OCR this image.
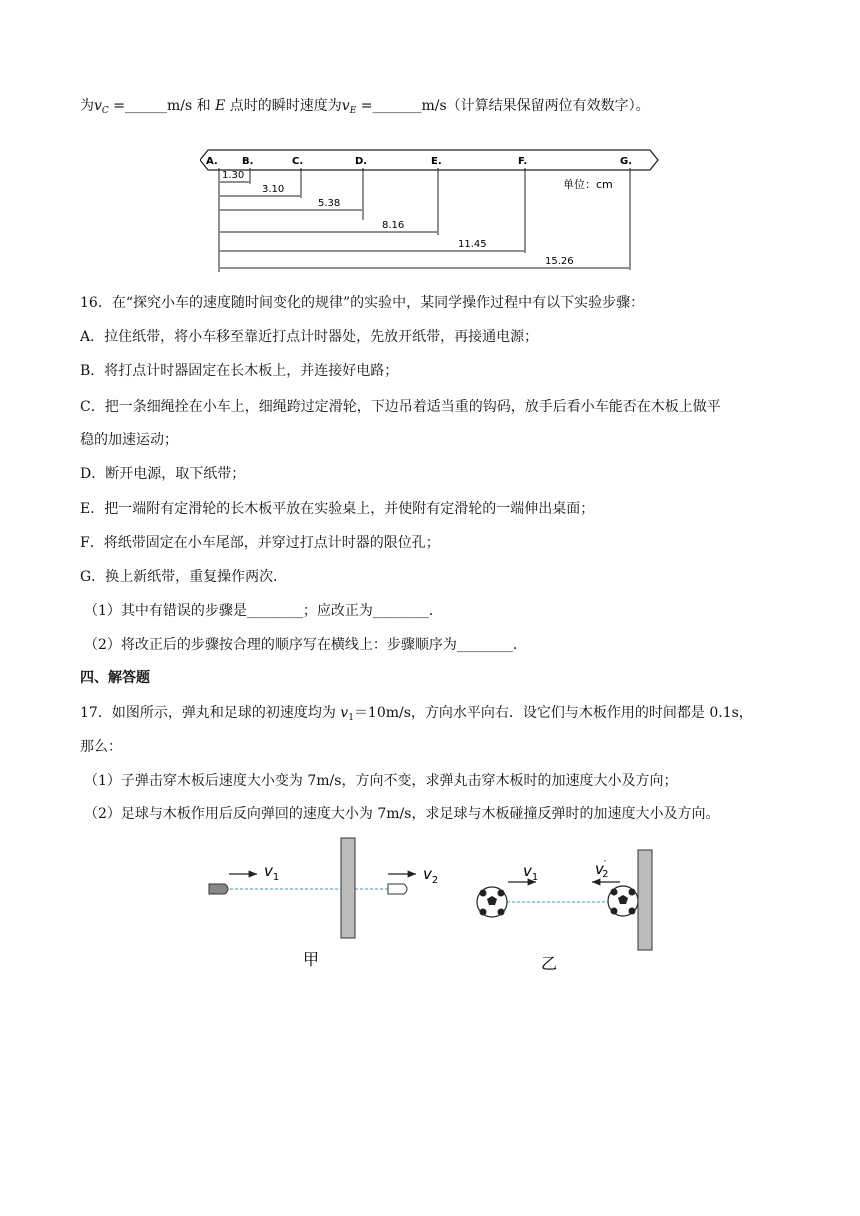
为$v_C$ =______m/s 和 E 点时的瞬时速度为$v_E$ =_______m/s（计算结果保留两位有效数字）。
A. B.	C.	D.	E.	F.	G.
1.30
3.10
5.38
8.16
11.45
15.26
单位：cm
16．在“探究小车的速度随时间变化的规律”的实验中，某同学操作过程中有以下实验步骤：
A．拉住纸带，将小车移至靠近打点计时器处，先放开纸带，再接通电源；
B．将打点计时器固定在长木板上，并连接好电路；
C．把一条细绳拴在小车上，细绳跨过定滑轮，下边吊着适当重的钩码，放手后看小车能否在木板上做平
稳的加速运动；
D．断开电源，取下纸带；
E．把一端附有定滑轮的长木板平放在实验桌上，并使附有定滑轮的一端伸出桌面；
F．将纸带固定在小车尾部，并穿过打点计时器的限位孔；
G．换上新纸带，重复操作两次．
（1）其中有错误的步骤是________；应改正为________．
（2）将改正后的步骤按合理的顺序写在横线上：步骤顺序为________．
四、解答题
17．如图所示，弹丸和足球的初速度均为 $v_1=10m/s$，方向水平向右．设它们与木板作用的时间都是 0.1s，
那么：
（1）子弹击穿木板后速度大小变为 7m/s，方向不变，求弹丸击穿木板时的加速度大小及方向；
（2）足球与木板作用后反向弹回的速度大小为 7m/s，求足球与木板碰撞反弹时的加速度大小及方向。
$v_1$	$v_2$
甲
$v_1$	v′ 2
乙
